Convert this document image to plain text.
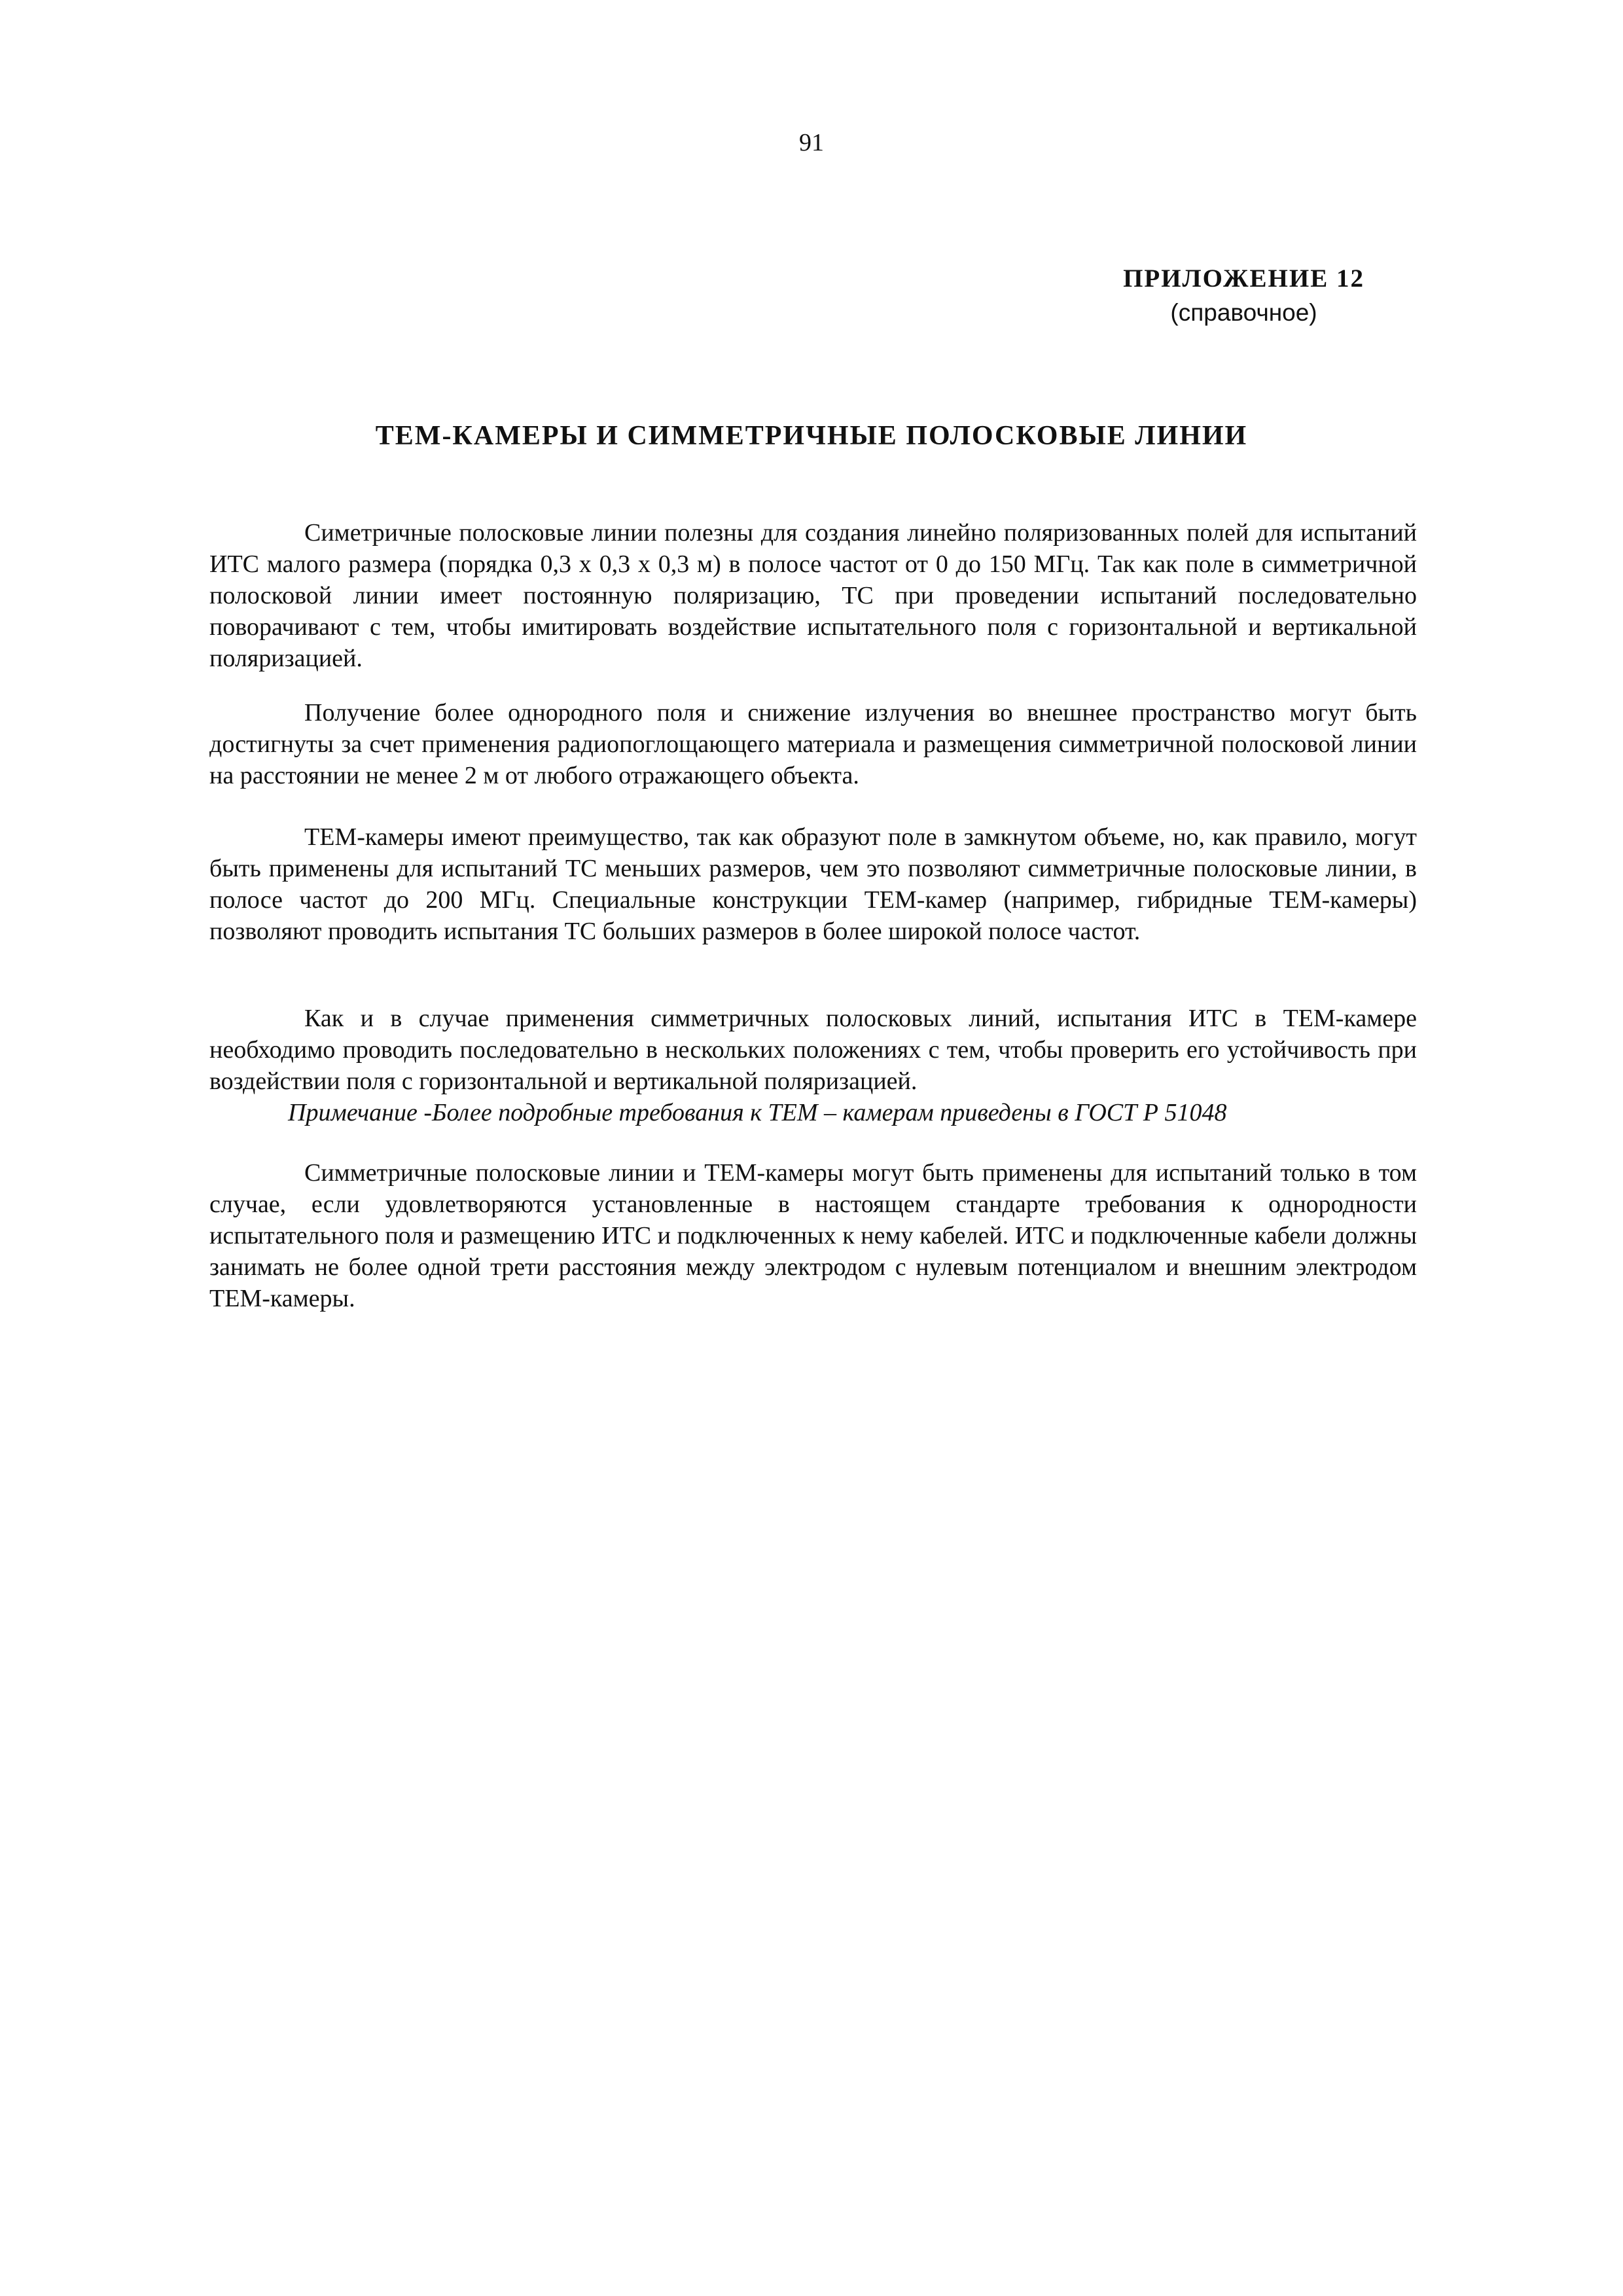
91
ПРИЛОЖЕНИЕ 12
(справочное)
ТЕМ-КАМЕРЫ И СИММЕТРИЧНЫЕ ПОЛОСКОВЫЕ ЛИНИИ

Симетричные полосковые линии полезны для создания линейно поляризованных полей для испытаний ИТС малого размера (порядка 0,3 х 0,3 х 0,3 м) в полосе частот от 0 до 150 МГц. Так как поле в симметричной полосковой линии имеет постоянную поляризацию, ТС при проведении испытаний последовательно поворачивают с тем, чтобы имитировать воздействие испытательного поля с горизонтальной и вертикальной поляризацией.

Получение более однородного поля и снижение излучения во внешнее пространство могут быть достигнуты за счет применения радиопоглощающего материала и размещения симметричной полосковой линии на расстоянии не менее 2 м от любого отражающего объекта.

ТЕМ-камеры имеют преимущество, так как образуют поле в замкнутом объеме, но, как правило, могут быть применены для испытаний ТС меньших размеров, чем это позволяют симметричные полосковые линии, в полосе частот до 200 МГц. Специальные конструкции ТЕМ-камер (например, гибридные ТЕМ-камеры) позволяют проводить испытания ТС больших размеров в более широкой полосе частот.

Как и в случае применения симметричных полосковых линий, испытания ИТС в ТЕМ-камере необходимо проводить последовательно в нескольких положениях с тем, чтобы проверить его устойчивость при воздействии поля с горизонтальной и вертикальной поляризацией.

Примечание -Более подробные требования к ТЕМ – камерам приведены в ГОСТ Р 51048

Симметричные полосковые линии и ТЕМ-камеры могут быть применены для испытаний только в том случае, если удовлетворяются установленные в настоящем стандарте требования к однородности испытательного поля и размещению ИТС и подключенных к нему кабелей. ИТС и подключенные кабели должны занимать не более одной трети расстояния между электродом с нулевым потенциалом и внешним электродом ТЕМ-камеры.
